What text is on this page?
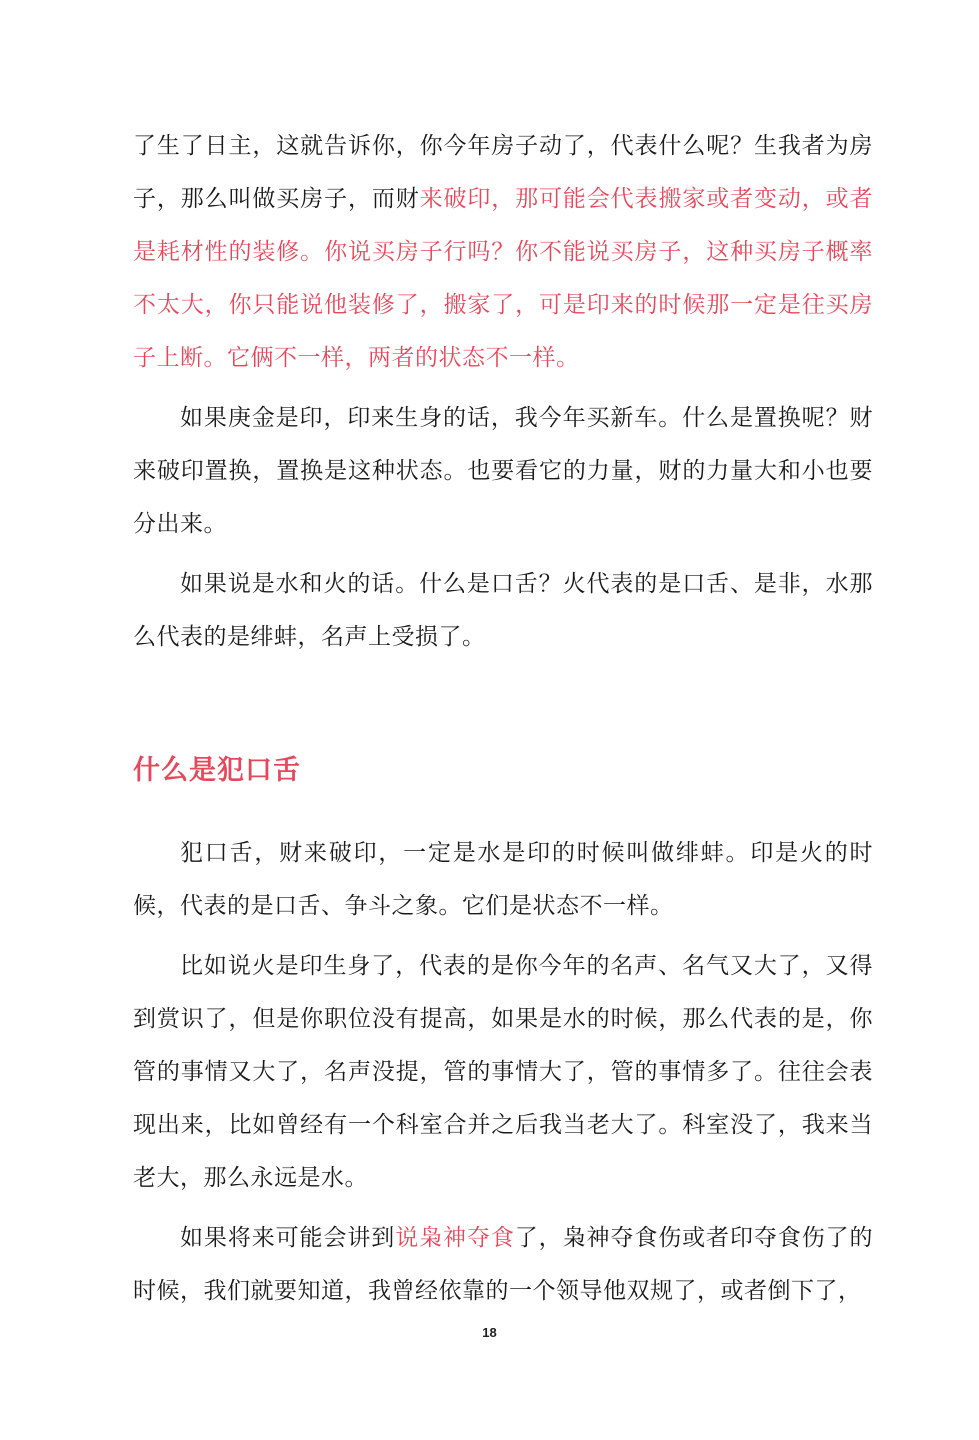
了生了日主，这就告诉你，你今年房子动了，代表什么呢？生我者为房子，那么叫做买房子，而财来破印，那可能会代表搬家或者变动，或者是耗材性的装修。你说买房子行吗？你不能说买房子，这种买房子概率不太大，你只能说他装修了，搬家了，可是印来的时候那一定是往买房子上断。它俩不一样，两者的状态不一样。

如果庚金是印，印来生身的话，我今年买新车。什么是置换呢？财来破印置换，置换是这种状态。也要看它的力量，财的力量大和小也要分出来。

如果说是水和火的话。什么是口舌？火代表的是口舌、是非，水那么代表的是绯蚌，名声上受损了。

什么是犯口舌

犯口舌，财来破印，一定是水是印的时候叫做绯蚌。印是火的时候，代表的是口舌、争斗之象。它们是状态不一样。

比如说火是印生身了，代表的是你今年的名声、名气又大了，又得到赏识了，但是你职位没有提高，如果是水的时候，那么代表的是，你管的事情又大了，名声没提，管的事情大了，管的事情多了。往往会表现出来，比如曾经有一个科室合并之后我当老大了。科室没了，我来当老大，那么永远是水。

如果将来可能会讲到说枭神夺食了，枭神夺食伤或者印夺食伤了的时候，我们就要知道，我曾经依靠的一个领导他双规了，或者倒下了，

18
